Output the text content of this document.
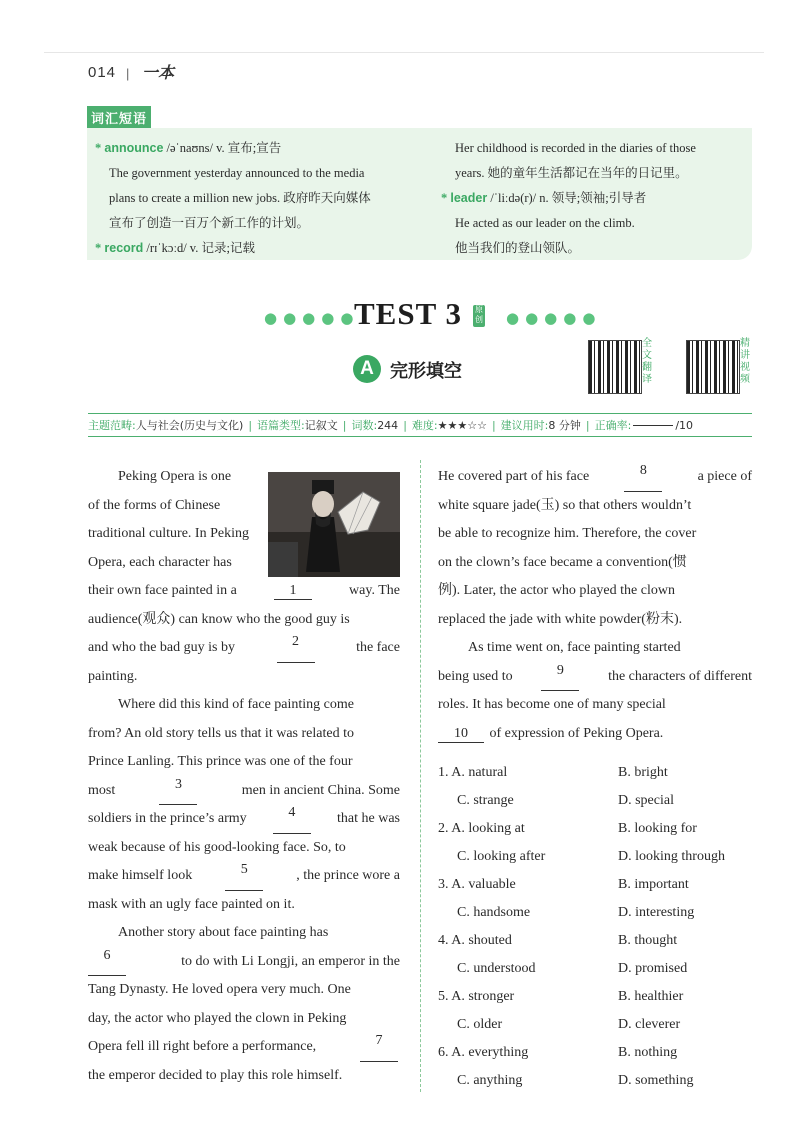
014 | 一本
词汇短语
* announce /əˈnaʊns/ v. 宣布;宣告
The government yesterday announced to the media
plans to create a million new jobs. 政府昨天向媒体
宣布了创造一百万个新工作的计划。
* record /rɪˈkɔːd/ v. 记录;记载
Her childhood is recorded in the diaries of those
years. 她的童年生活都记在当年的日记里。
* leader /ˈliːdə(r)/ n. 领导;领袖;引导者
He acted as our leader on the climb.
他当我们的登山领队。
●●●●●
TEST 3 原创 ●●●●●
A 完形填空
全文翻译
精讲视频
主题范畴: 人与社会(历史与文化) | 语篇类型: 记叙文 | 词数: 244 | 难度: ★★★☆☆ | 建议用时: 8 分钟 | 正确率:	/10
Peking Opera is one
of the forms of Chinese
traditional culture. In Peking
Opera, each character has
their own face painted in a	1	way. The
audience(观众) can know who the good guy is
and who the bad guy is by	2	the face
painting.
Where did this kind of face painting come
from? An old story tells us that it was related to
Prince Lanling. This prince was one of the four
most	3	men in ancient China. Some
soldiers in the prince’s army	4	that he was
weak because of his good-looking face. So, to
make himself look	5	, the prince wore a
mask with an ugly face painted on it.
Another story about face painting has
6	to do with Li Longji, an emperor in the
Tang Dynasty. He loved opera very much. One
day, the actor who played the clown in Peking
Opera fell ill right before a performance,	7
the emperor decided to play this role himself.
He covered part of his face	8	a piece of
white square jade(玉) so that others wouldn’t
be able to recognize him. Therefore, the cover
on the clown’s face became a convention(惯
例). Later, the actor who played the clown
replaced the jade with white powder(粉末).
As time went on, face painting started
being used to	9	the characters of different
roles. It has become one of many special
10 of expression of Peking Opera.
1. A. natural	B. bright
C. strange	D. special
2. A. looking at	B. looking for
C. looking after	D. looking through
3. A. valuable	B. important
C. handsome	D. interesting
4. A. shouted	B. thought
C. understood	D. promised
5. A. stronger	B. healthier
C. older	D. cleverer
6. A. everything	B. nothing
C. anything	D. something
